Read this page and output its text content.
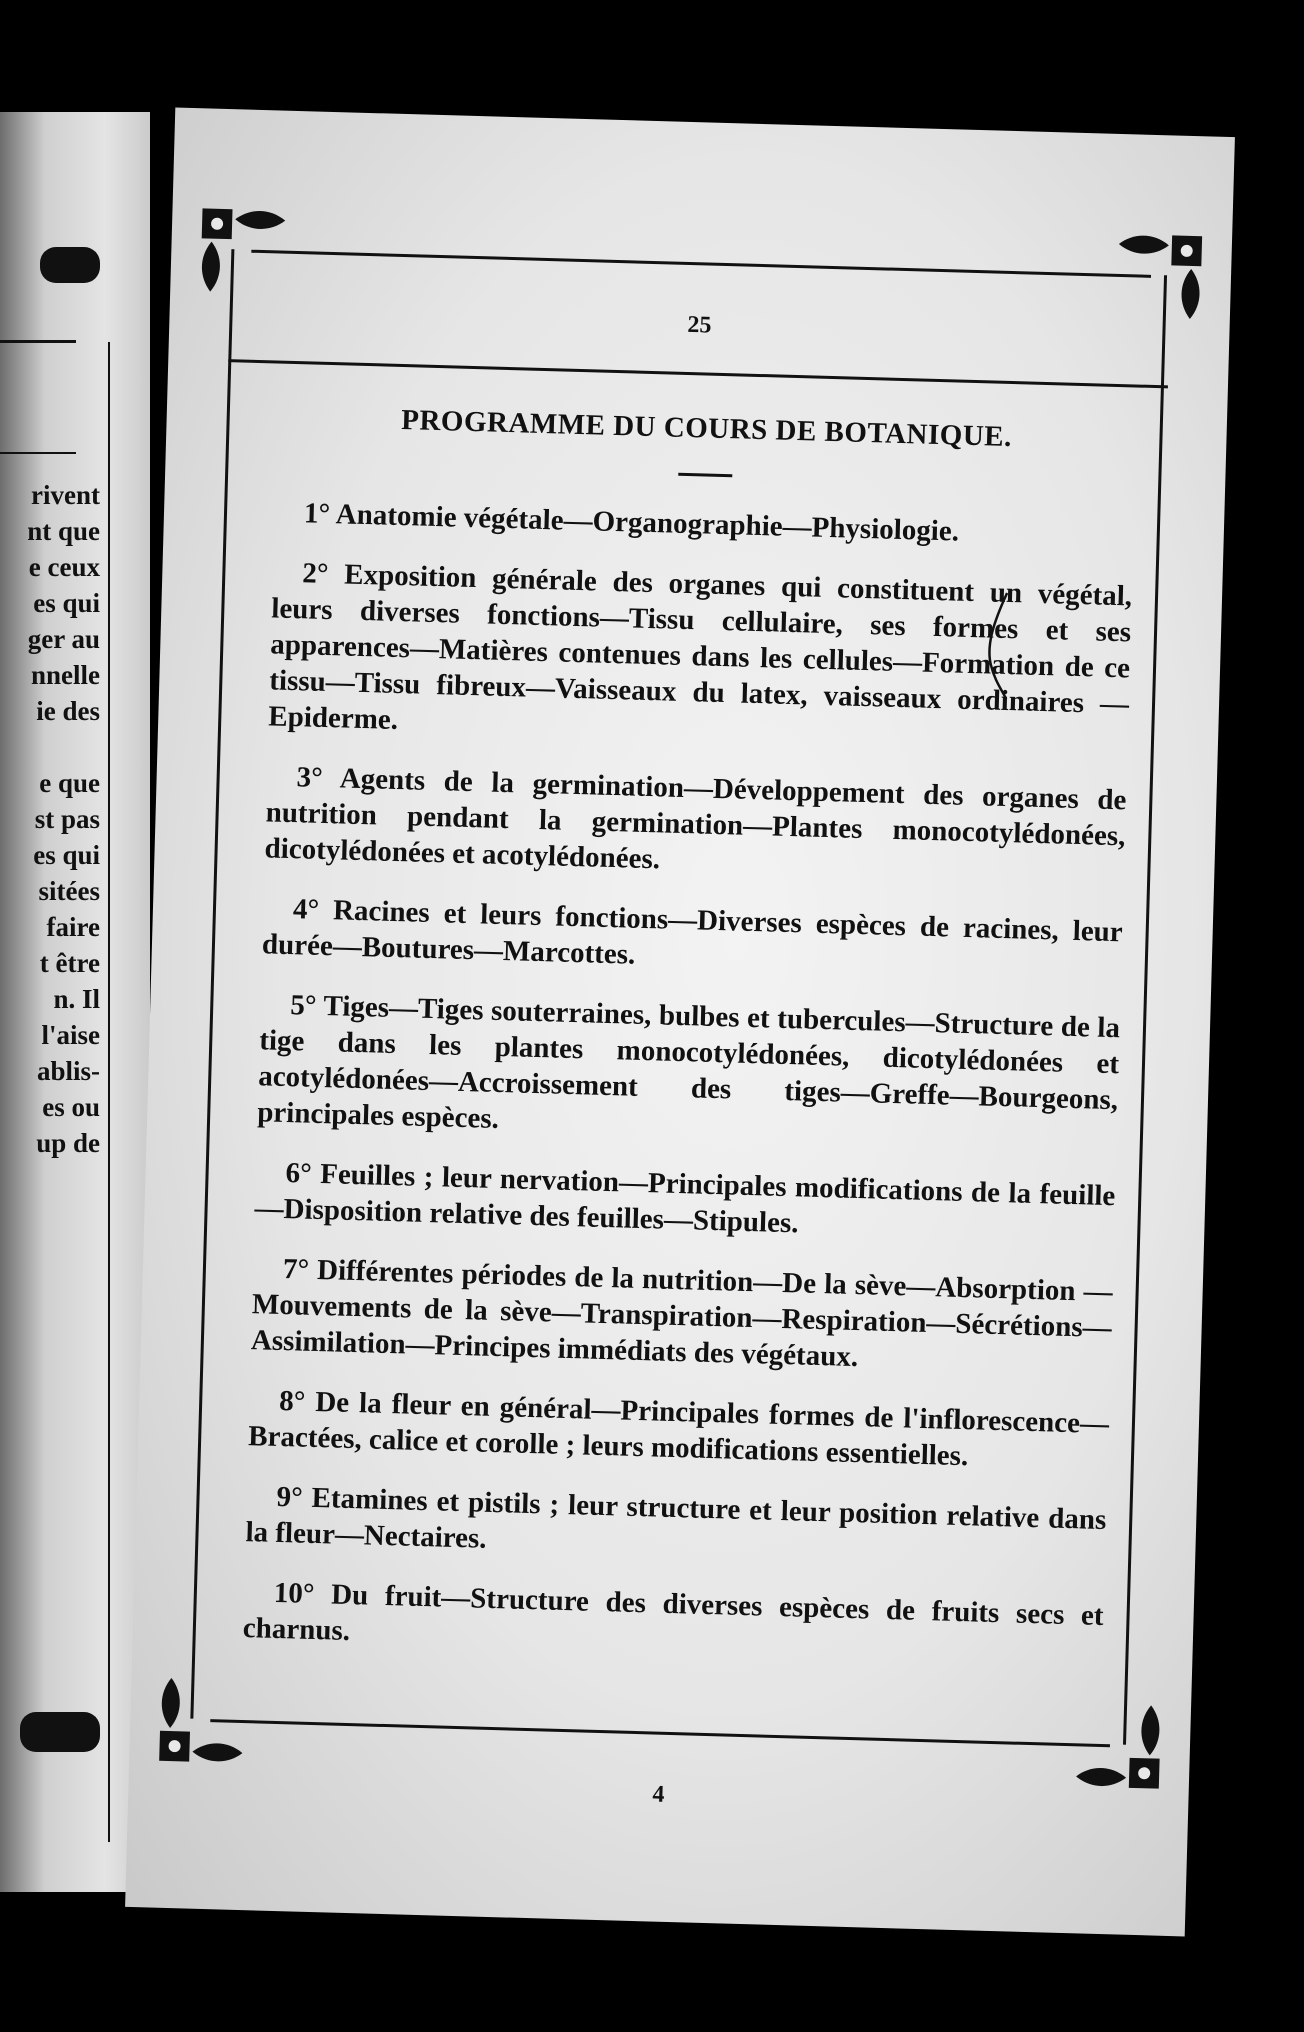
rivent
nt que
e ceux
es qui
ger au
nnelle
ie des

e que
st pas
es qui
sitées
faire
t être
n. Il
l'aise
ablis-
es ou
up de
25
PROGRAMME DU COURS DE BOTANIQUE.

1° Anatomie végétale—Organographie—Physiologie.

2° Exposition générale des organes qui constituent un végétal, leurs diverses fonctions—Tissu cellulaire, ses formes et ses apparences—Matières contenues dans les cellules—Formation de ce tissu—Tissu fibreux—Vaisseaux du latex, vaisseaux ordinaires —Epiderme.

3° Agents de la germination—Développement des organes de nutrition pendant la germination—Plantes monocotylédonées, dicotylédonées et acotylédonées.

4° Racines et leurs fonctions—Diverses espèces de racines, leur durée—Boutures—Marcottes.

5° Tiges—Tiges souterraines, bulbes et tubercules—Structure de la tige dans les plantes monocotylédonées, dicotylédonées et acotylédonées—Accroissement des tiges—Greffe—Bourgeons, principales espèces.

6° Feuilles ; leur nervation—Principales modifications de la feuille—Disposition relative des feuilles—Stipules.

7° Différentes périodes de la nutrition—De la sève—Absorption —Mouvements de la sève—Transpiration—Respiration—Sécrétions—Assimilation—Principes immédiats des végétaux.

8° De la fleur en général—Principales formes de l'inflorescence—Bractées, calice et corolle ; leurs modifications essentielles.

9° Etamines et pistils ; leur structure et leur position relative dans la fleur—Nectaires.

10° Du fruit—Structure des diverses espèces de fruits secs et charnus.

4
